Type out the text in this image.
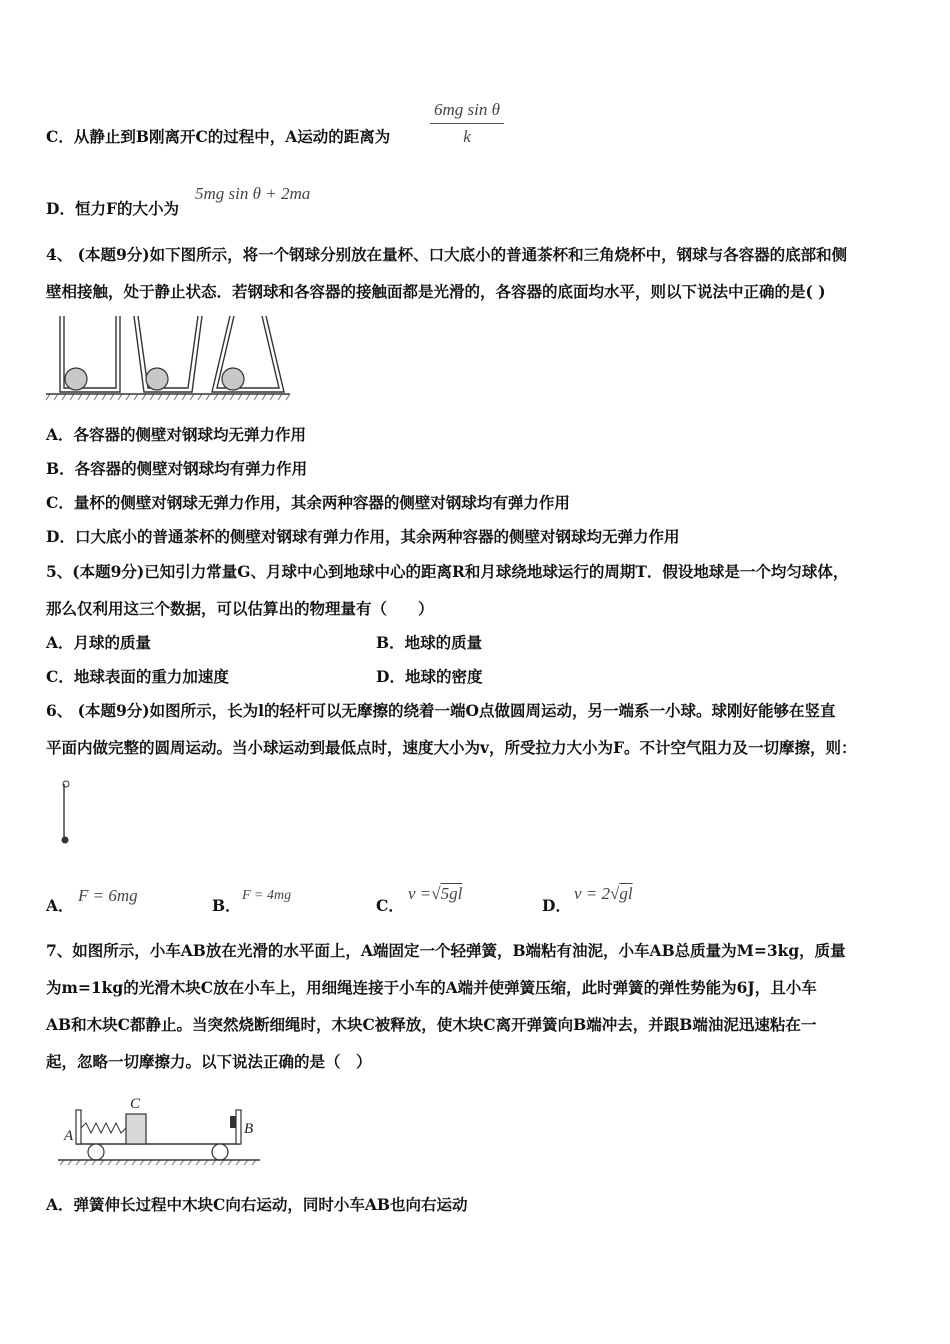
C．从静止到B刚离开C的过程中，A运动的距离为 $\frac{\text{6mg sin θ}}{k}$
D．恒力F的大小为
5mg sin θ + 2ma
4、 (本题9分)如下图所示，将一个钢球分别放在量杯、口大底小的普通茶杯和三角烧杯中，钢球与各容器的底部和侧
壁相接触，处于静止状态．若钢球和各容器的接触面都是光滑的，各容器的底面均水平，则以下说法中正确的是( )
A．各容器的侧壁对钢球均无弹力作用
B．各容器的侧壁对钢球均有弹力作用
C．量杯的侧壁对钢球无弹力作用，其余两种容器的侧壁对钢球均有弹力作用
D．口大底小的普通茶杯的侧壁对钢球有弹力作用，其余两种容器的侧壁对钢球均无弹力作用
5、(本题9分)已知引力常量G、月球中心到地球中心的距离R和月球绕地球运行的周期T．假设地球是一个均匀球体，
那么仅利用这三个数据，可以估算出的物理量有（　　）
A．月球的质量	B．地球的质量
C．地球表面的重力加速度	D．地球的密度
6、 (本题9分)如图所示，长为l的轻杆可以无摩擦的绕着一端O点做圆周运动，另一端系一小球。球刚好能够在竖直
平面内做完整的圆周运动。当小球运动到最低点时，速度大小为v，所受拉力大小为F。不计空气阻力及一切摩擦，则：
A．
F = 6mg
B．
F = 4mg
C．
v =√5gl
D．
v = 2√gl
7、如图所示，小车AB放在光滑的水平面上，A端固定一个轻弹簧，B端粘有油泥，小车AB总质量为M=3kg，质量
为m=1kg的光滑木块C放在小车上，用细绳连接于小车的A端并使弹簧压缩，此时弹簧的弹性势能为6J，且小车
AB和木块C都静止。当突然烧断细绳时，木块C被释放，使木块C离开弹簧向B端冲去，并跟B端油泥迅速粘在一
起，忽略一切摩擦力。以下说法正确的是（　）
A	B
C
A．弹簧伸长过程中木块C向右运动，同时小车AB也向右运动
